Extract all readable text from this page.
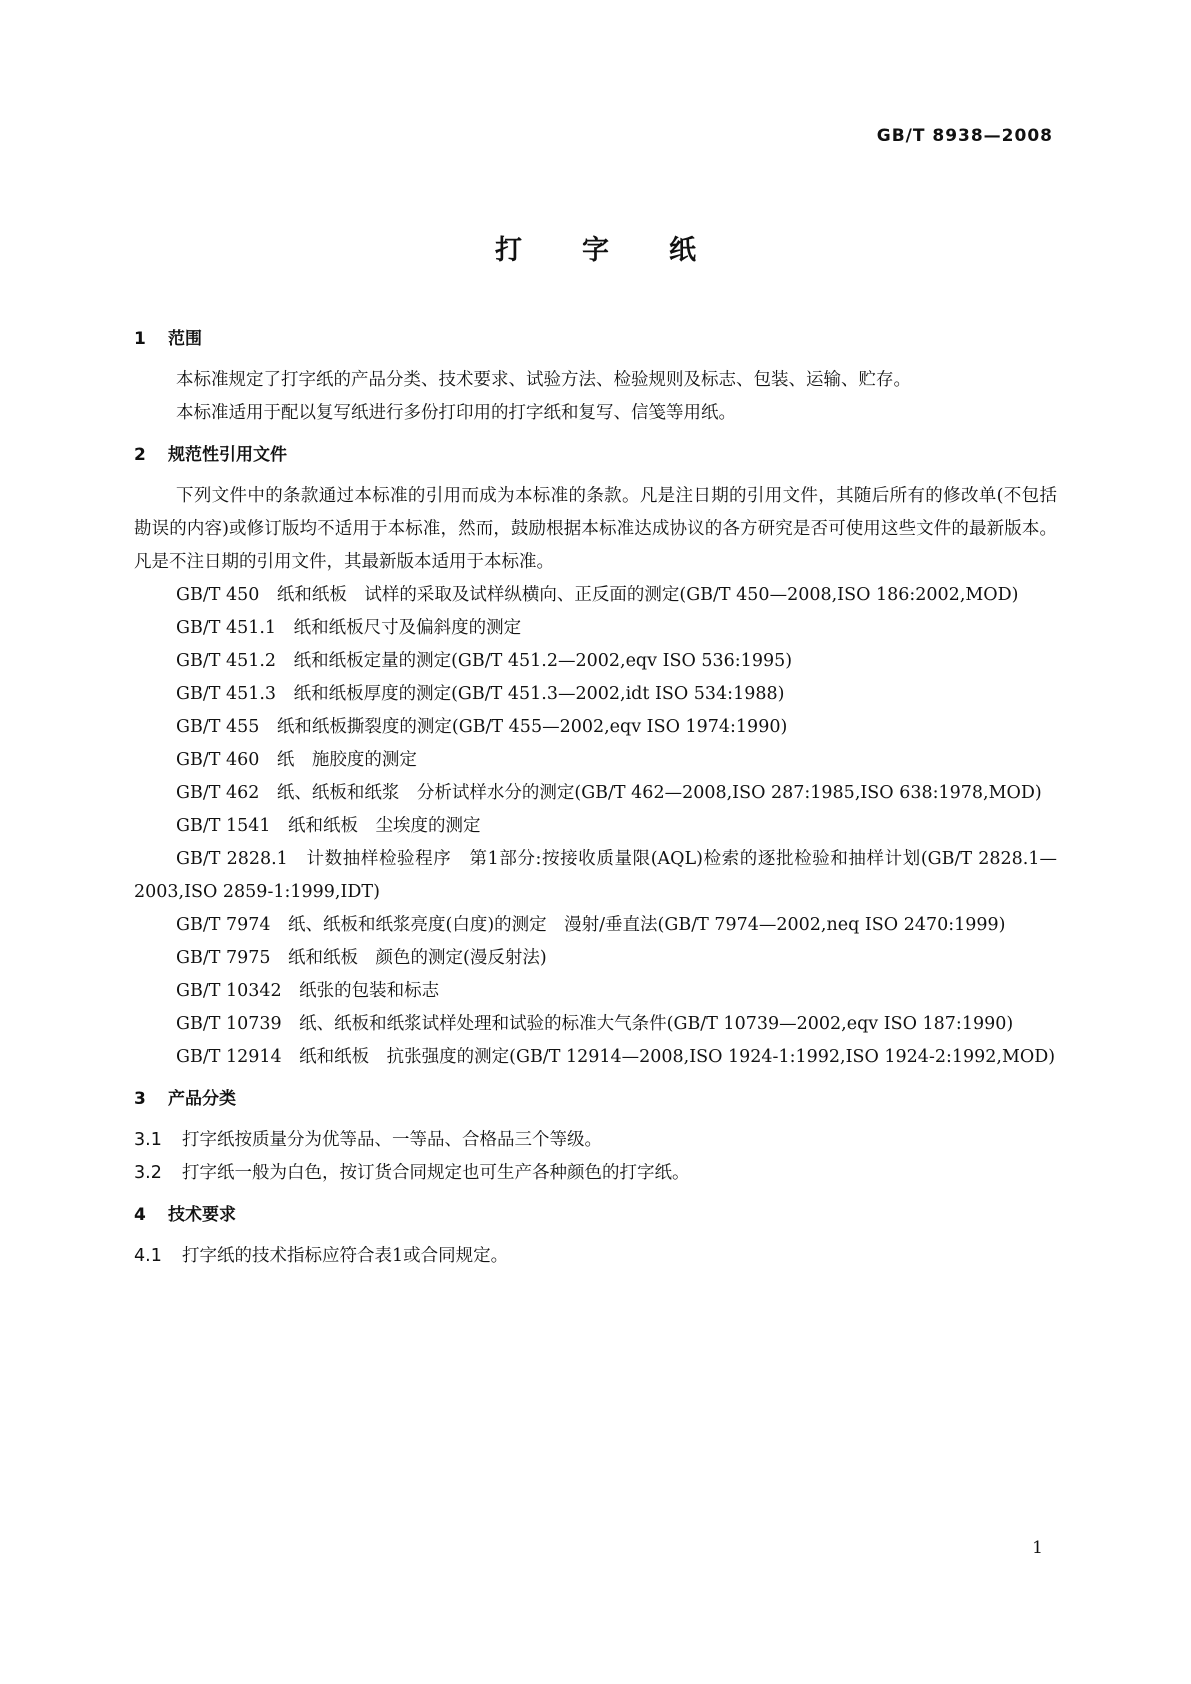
GB/T 8938—2008
打 字 纸
1 范围
本标准规定了打字纸的产品分类、技术要求、试验方法、检验规则及标志、包装、运输、贮存。
本标准适用于配以复写纸进行多份打印用的打字纸和复写、信笺等用纸。
2 规范性引用文件
下列文件中的条款通过本标准的引用而成为本标准的条款。凡是注日期的引用文件，其随后所有的修改单(不包括勘误的内容)或修订版均不适用于本标准，然而，鼓励根据本标准达成协议的各方研究是否可使用这些文件的最新版本。凡是不注日期的引用文件，其最新版本适用于本标准。
GB/T 450　纸和纸板　试样的采取及试样纵横向、正反面的测定(GB/T 450—2008,ISO 186:2002,MOD)
GB/T 451.1　纸和纸板尺寸及偏斜度的测定
GB/T 451.2　纸和纸板定量的测定(GB/T 451.2—2002,eqv ISO 536:1995)
GB/T 451.3　纸和纸板厚度的测定(GB/T 451.3—2002,idt ISO 534:1988)
GB/T 455　纸和纸板撕裂度的测定(GB/T 455—2002,eqv ISO 1974:1990)
GB/T 460　纸　施胶度的测定
GB/T 462　纸、纸板和纸浆　分析试样水分的测定(GB/T 462—2008,ISO 287:1985,ISO 638:1978,MOD)
GB/T 1541　纸和纸板　尘埃度的测定
GB/T 2828.1　计数抽样检验程序　第1部分:按接收质量限(AQL)检索的逐批检验和抽样计划(GB/T 2828.1—2003,ISO 2859-1:1999,IDT)
GB/T 7974　纸、纸板和纸浆亮度(白度)的测定　漫射/垂直法(GB/T 7974—2002,neq ISO 2470:1999)
GB/T 7975　纸和纸板　颜色的测定(漫反射法)
GB/T 10342　纸张的包装和标志
GB/T 10739　纸、纸板和纸浆试样处理和试验的标准大气条件(GB/T 10739—2002,eqv ISO 187:1990)
GB/T 12914　纸和纸板　抗张强度的测定(GB/T 12914—2008,ISO 1924-1:1992,ISO 1924-2:1992,MOD)
3 产品分类
3.1 打字纸按质量分为优等品、一等品、合格品三个等级。
3.2 打字纸一般为白色，按订货合同规定也可生产各种颜色的打字纸。
4 技术要求
4.1 打字纸的技术指标应符合表1或合同规定。
1
